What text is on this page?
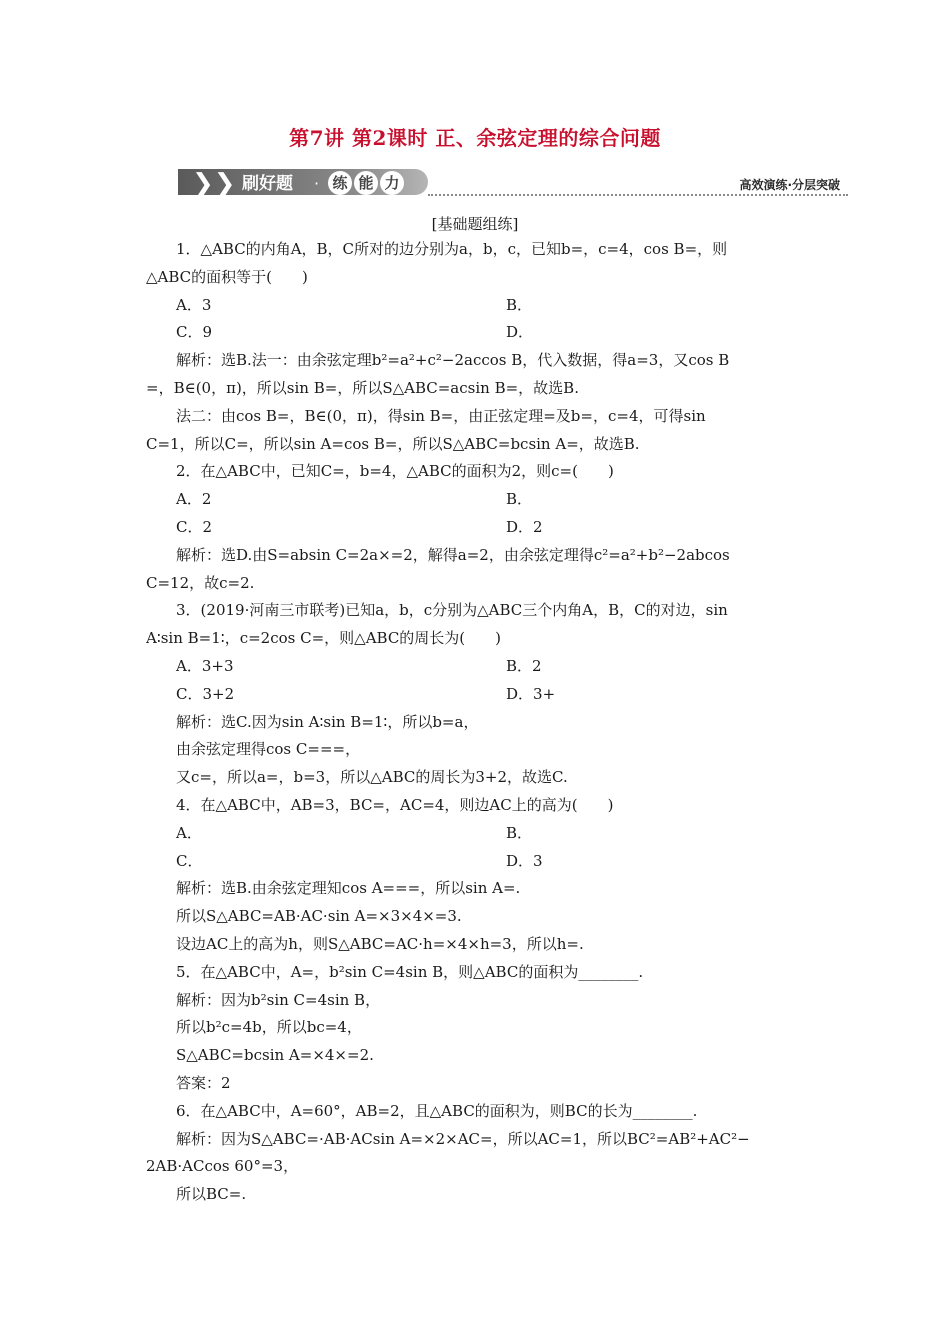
第7讲 第2课时 正、余弦定理的综合问题
❯❯ 刷好题 · 练 能 力	高效演练·分层突破
[基础题组练]
1．△ABC的内角A，B，C所对的边分别为a，b，c，已知b=，c=4，cos B=，则
△ABC的面积等于(　　)
A．3	B．
C．9	D．
解析：选B.法一：由余弦定理b²=a²+c²−2accos B，代入数据，得a=3，又cos B
=，B∈(0，π)，所以sin B=，所以S△ABC=acsin B=，故选B.
法二：由cos B=，B∈(0，π)，得sin B=，由正弦定理=及b=，c=4，可得sin
C=1，所以C=，所以sin A=cos B=，所以S△ABC=bcsin A=，故选B.
2．在△ABC中，已知C=，b=4，△ABC的面积为2，则c=(　　)
A．2	B．
C．2	D．2
解析：选D.由S=absin C=2a×=2，解得a=2，由余弦定理得c²=a²+b²−2abcos
C=12，故c=2.
3．(2019·河南三市联考)已知a，b，c分别为△ABC三个内角A，B，C的对边，sin
A∶sin B=1∶，c=2cos C=，则△ABC的周长为(　　)
A．3+3	B．2
C．3+2	D．3+
解析：选C.因为sin A∶sin B=1∶，所以b=a，
由余弦定理得cos C===，
又c=，所以a=，b=3，所以△ABC的周长为3+2，故选C.
4．在△ABC中，AB=3，BC=，AC=4，则边AC上的高为(　　)
A．	B．
C．	D．3
解析：选B.由余弦定理知cos A===，所以sin A=.
所以S△ABC=AB·AC·sin A=×3×4×=3.
设边AC上的高为h，则S△ABC=AC·h=×4×h=3，所以h=.
5．在△ABC中，A=，b²sin C=4sin B，则△ABC的面积为________.
解析：因为b²sin C=4sin B，
所以b²c=4b，所以bc=4，
S△ABC=bcsin A=×4×=2.
答案：2
6．在△ABC中，A=60°，AB=2，且△ABC的面积为，则BC的长为________.
解析：因为S△ABC=·AB·ACsin A=×2×AC=，所以AC=1，所以BC²=AB²+AC²−
2AB·ACcos 60°=3，
所以BC=.
